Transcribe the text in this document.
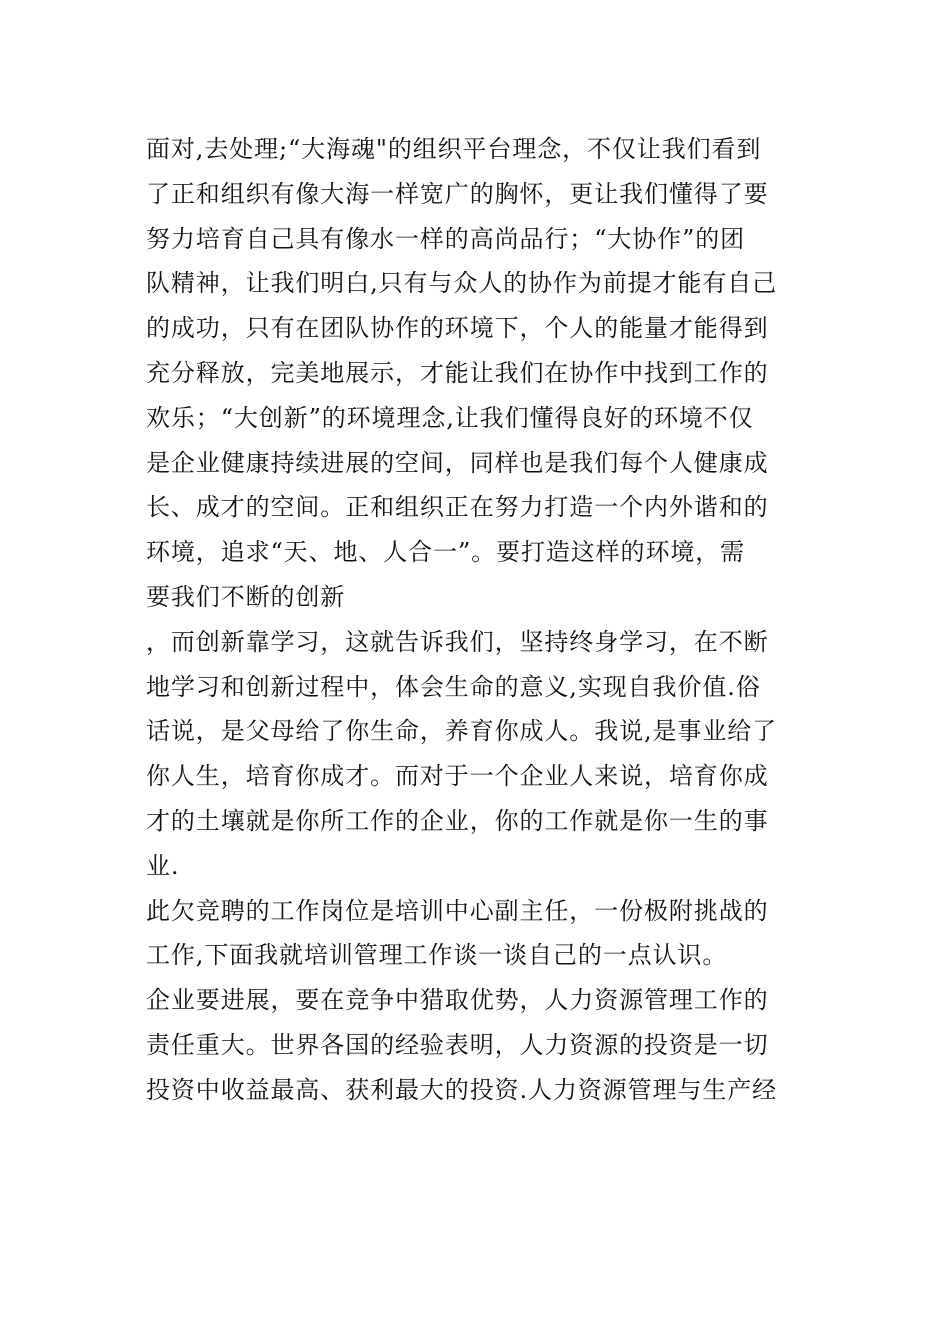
面对,去处理;“大海魂"的组织平台理念，不仅让我们看到
了正和组织有像大海一样宽广的胸怀，更让我们懂得了要
努力培育自己具有像水一样的高尚品行；“大协作”的团
队精神，让我们明白,只有与众人的协作为前提才能有自己
的成功，只有在团队协作的环境下，个人的能量才能得到
充分释放，完美地展示，才能让我们在协作中找到工作的
欢乐；“大创新”的环境理念,让我们懂得良好的环境不仅
是企业健康持续进展的空间，同样也是我们每个人健康成
长、成才的空间。正和组织正在努力打造一个内外谐和的
环境，追求“天、地、人合一”。要打造这样的环境，需
要我们不断的创新
，而创新靠学习，这就告诉我们，坚持终身学习，在不断
地学习和创新过程中，体会生命的意义,实现自我价值.俗
话说，是父母给了你生命，养育你成人。我说,是事业给了
你人生，培育你成才。而对于一个企业人来说，培育你成
才的土壤就是你所工作的企业，你的工作就是你一生的事
业.
此欠竞聘的工作岗位是培训中心副主任，一份极附挑战的
工作,下面我就培训管理工作谈一谈自己的一点认识。
企业要进展，要在竞争中猎取优势，人力资源管理工作的
责任重大。世界各国的经验表明，人力资源的投资是一切
投资中收益最高、获利最大的投资.人力资源管理与生产经
